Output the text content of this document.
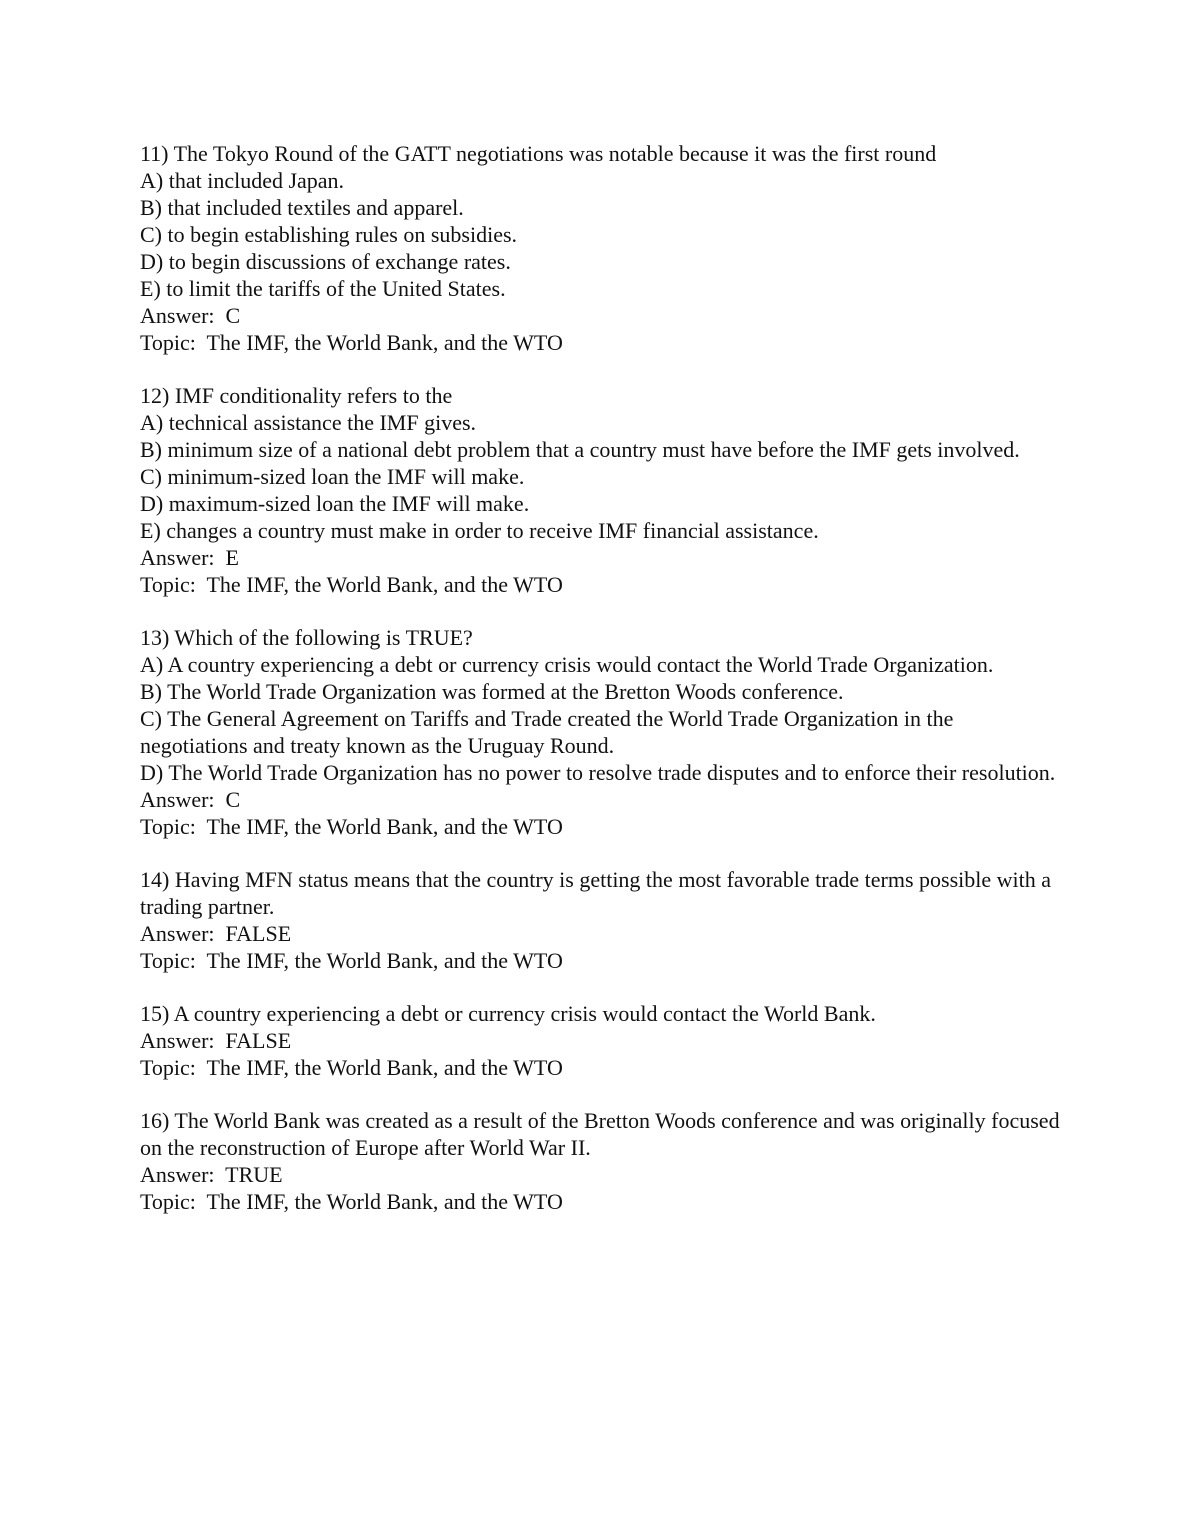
11) The Tokyo Round of the GATT negotiations was notable because it was the first round
A) that included Japan.
B) that included textiles and apparel.
C) to begin establishing rules on subsidies.
D) to begin discussions of exchange rates.
E) to limit the tariffs of the United States.
Answer:  C
Topic:  The IMF, the World Bank, and the WTO
12) IMF conditionality refers to the
A) technical assistance the IMF gives.
B) minimum size of a national debt problem that a country must have before the IMF gets involved.
C) minimum-sized loan the IMF will make.
D) maximum-sized loan the IMF will make.
E) changes a country must make in order to receive IMF financial assistance.
Answer:  E
Topic:  The IMF, the World Bank, and the WTO
13) Which of the following is TRUE?
A) A country experiencing a debt or currency crisis would contact the World Trade Organization.
B) The World Trade Organization was formed at the Bretton Woods conference.
C) The General Agreement on Tariffs and Trade created the World Trade Organization in the negotiations and treaty known as the Uruguay Round.
D) The World Trade Organization has no power to resolve trade disputes and to enforce their resolution.
Answer:  C
Topic:  The IMF, the World Bank, and the WTO
14) Having MFN status means that the country is getting the most favorable trade terms possible with a trading partner.
Answer:  FALSE
Topic:  The IMF, the World Bank, and the WTO
15) A country experiencing a debt or currency crisis would contact the World Bank.
Answer:  FALSE
Topic:  The IMF, the World Bank, and the WTO
16) The World Bank was created as a result of the Bretton Woods conference and was originally focused on the reconstruction of Europe after World War II.
Answer:  TRUE
Topic:  The IMF, the World Bank, and the WTO
